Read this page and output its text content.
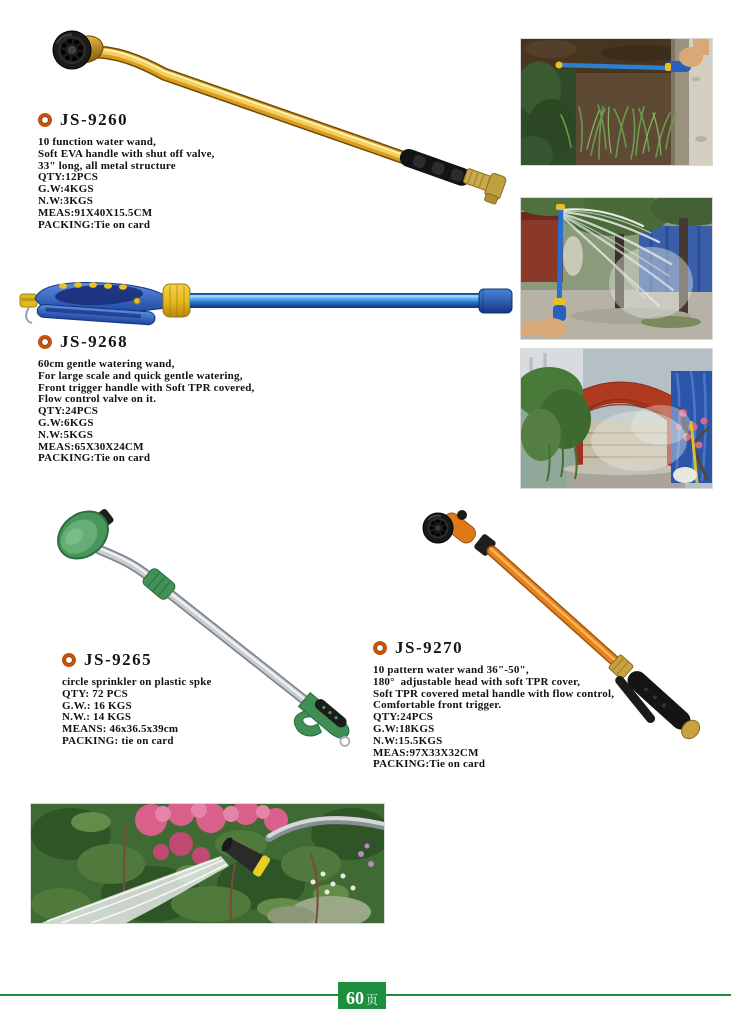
JS-9260
10 function water wand,
Soft EVA handle with shut off valve,
33" long, all metal structure
QTY:12PCS
G.W:4KGS
N.W:3KGS
MEAS:91X40X15.5CM
PACKING:Tie on card
JS-9268
60cm gentle watering wand,
For large scale and quick gentle watering,
Front trigger handle with Soft TPR covered,
Flow control valve on it.
QTY:24PCS
G.W:6KGS
N.W:5KGS
MEAS:65X30X24CM
PACKING:Tie on card
JS-9265
circle sprinkler on plastic spke
QTY: 72 PCS
G.W.: 16 KGS
N.W.: 14 KGS
MEANS: 46x36.5x39cm
PACKING: tie on card
JS-9270
10 pattern water wand 36"-50",
180°  adjustable head with soft TPR cover,
Soft TPR covered metal handle with flow control,
Comfortable front trigger.
QTY:24PCS
G.W:18KGS
N.W:15.5KGS
MEAS:97X33X32CM
PACKING:Tie on card
60 页
